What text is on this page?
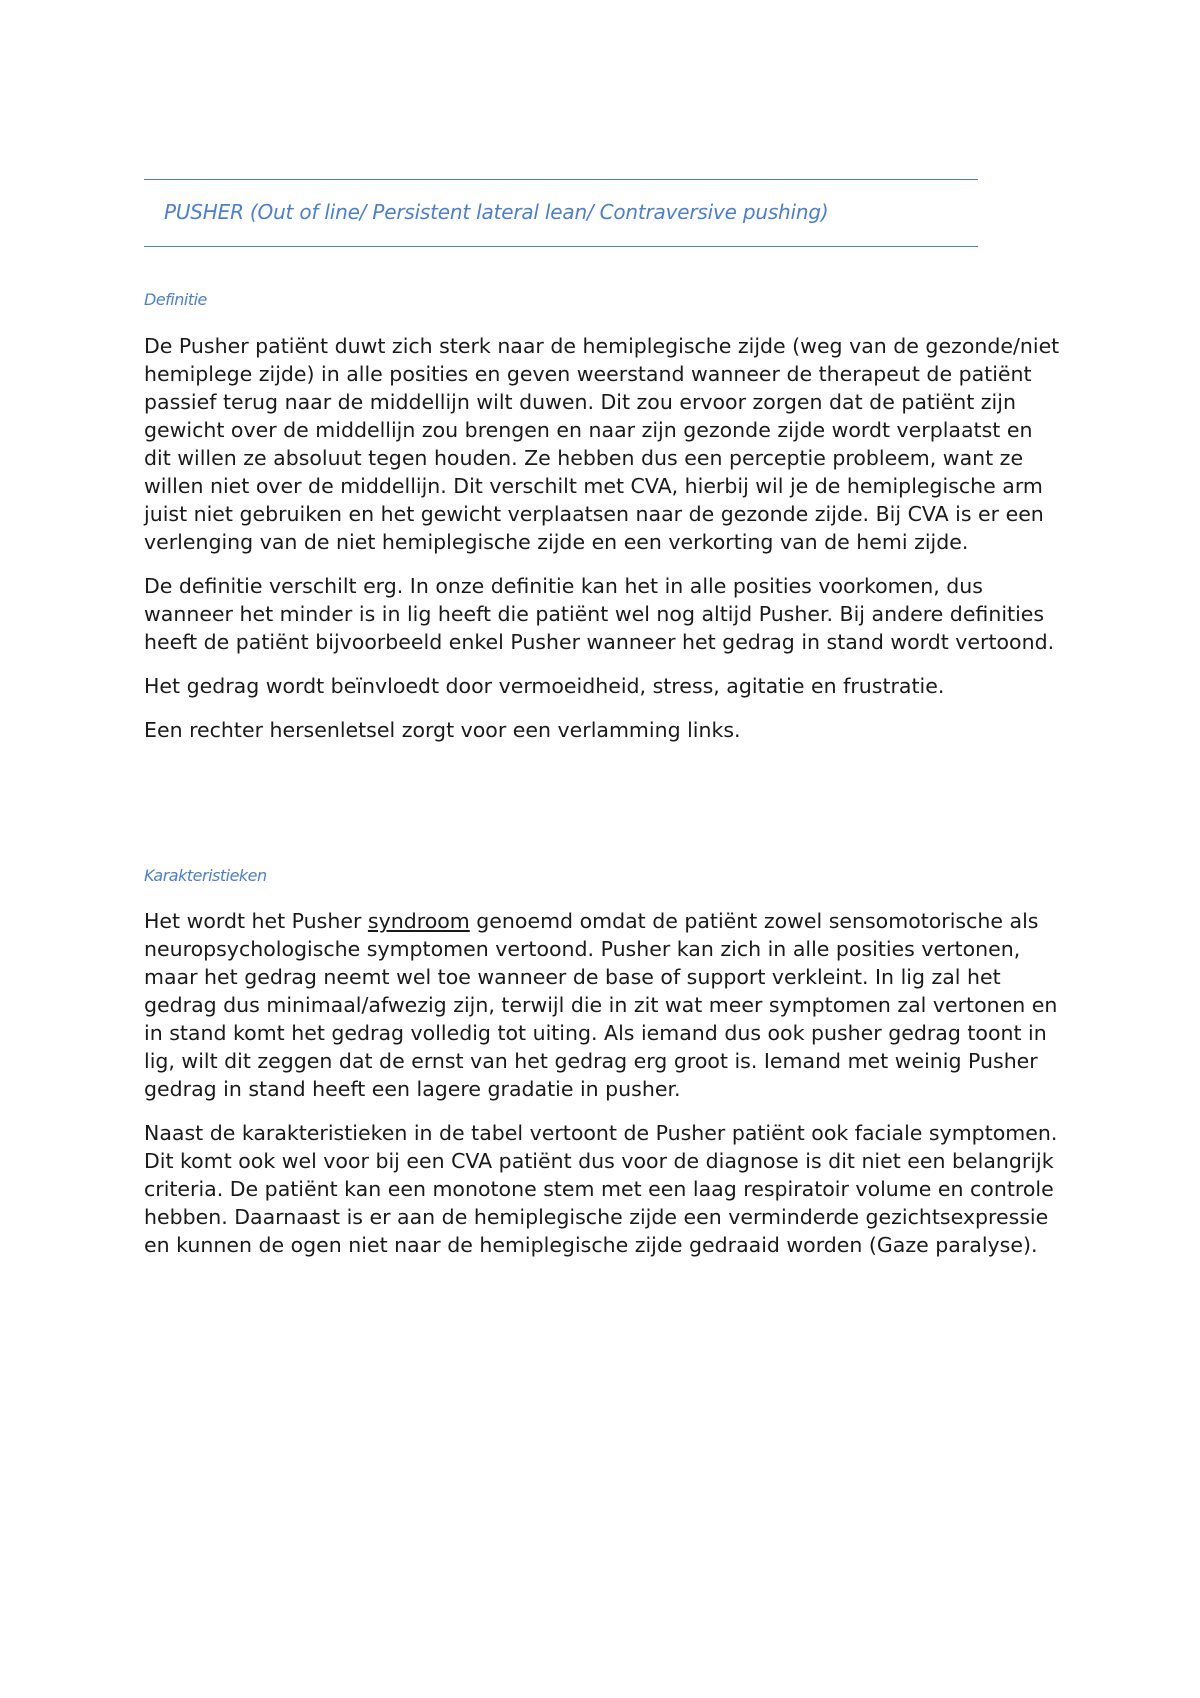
PUSHER (Out of line/ Persistent lateral lean/ Contraversive pushing)
Definitie

De Pusher patiënt duwt zich sterk naar de hemiplegische zijde (weg van de gezonde/niet hemiplege zijde) in alle posities en geven weerstand wanneer de therapeut de patiënt passief terug naar de middellijn wilt duwen. Dit zou ervoor zorgen dat de patiënt zijn gewicht over de middellijn zou brengen en naar zijn gezonde zijde wordt verplaatst en dit willen ze absoluut tegen houden. Ze hebben dus een perceptie probleem, want ze willen niet over de middellijn. Dit verschilt met CVA, hierbij wil je de hemiplegische arm juist niet gebruiken en het gewicht verplaatsen naar de gezonde zijde. Bij CVA is er een verlenging van de niet hemiplegische zijde en een verkorting van de hemi zijde.

De definitie verschilt erg. In onze definitie kan het in alle posities voorkomen, dus wanneer het minder is in lig heeft die patiënt wel nog altijd Pusher. Bij andere definities heeft de patiënt bijvoorbeeld enkel Pusher wanneer het gedrag in stand wordt vertoond.

Het gedrag wordt beïnvloedt door vermoeidheid, stress, agitatie en frustratie.

Een rechter hersenletsel zorgt voor een verlamming links.

Karakteristieken

Het wordt het Pusher syndroom genoemd omdat de patiënt zowel sensomotorische als neuropsychologische symptomen vertoond. Pusher kan zich in alle posities vertonen, maar het gedrag neemt wel toe wanneer de base of support verkleint. In lig zal het gedrag dus minimaal/afwezig zijn, terwijl die in zit wat meer symptomen zal vertonen en in stand komt het gedrag volledig tot uiting. Als iemand dus ook pusher gedrag toont in lig, wilt dit zeggen dat de ernst van het gedrag erg groot is. Iemand met weinig Pusher gedrag in stand heeft een lagere gradatie in pusher.

Naast de karakteristieken in de tabel vertoont de Pusher patiënt ook faciale symptomen. Dit komt ook wel voor bij een CVA patiënt dus voor de diagnose is dit niet een belangrijk criteria. De patiënt kan een monotone stem met een laag respiratoir volume en controle hebben. Daarnaast is er aan de hemiplegische zijde een verminderde gezichtsexpressie en kunnen de ogen niet naar de hemiplegische zijde gedraaid worden (Gaze paralyse).
